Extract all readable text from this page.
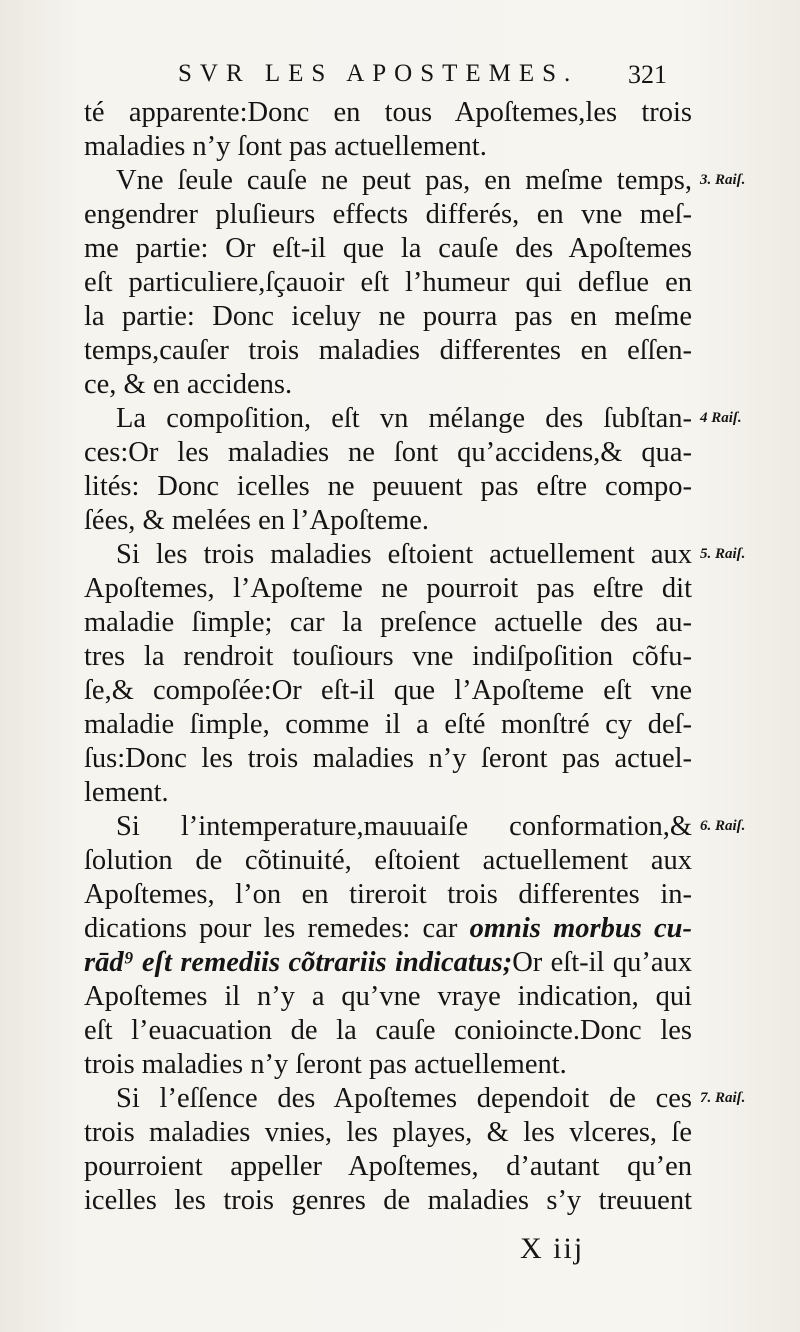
SVR LES APOSTEMES. 321
té apparente:Donc en tous Apoſtemes,les trois
maladies n’y ſont pas actuellement.
Vne ſeule cauſe ne peut pas, en meſme temps,
engendrer pluſieurs effects differés, en vne meſ-
me partie: Or eſt-il que la cauſe des Apoſtemes
eſt particuliere,ſçauoir eſt l’humeur qui deflue en
la partie: Donc iceluy ne pourra pas en meſme
temps,cauſer trois maladies differentes en eſſen-
ce, & en accidens.
La compoſition, eſt vn mélange des ſubſtan-
ces:Or les maladies ne ſont qu’accidens,& qua-
lités: Donc icelles ne peuuent pas eſtre compo-
ſées, & melées en l’Apoſteme.
Si les trois maladies eſtoient actuellement aux
Apoſtemes, l’Apoſteme ne pourroit pas eſtre dit
maladie ſimple; car la preſence actuelle des au-
tres la rendroit touſiours vne indiſpoſition cõfu-
ſe,& compoſée:Or eſt-il que l’Apoſteme eſt vne
maladie ſimple, comme il a eſté monſtré cy deſ-
ſus:Donc les trois maladies n’y ſeront pas actuel-
lement.
Si l’intemperature,mauuaiſe conformation,&
ſolution de cõtinuité, eſtoient actuellement aux
Apoſtemes, l’on en tireroit trois differentes in-
dications pour les remedes: car omnis morbus cu-
rād⁹ eſt remediis cõtrariis indicatus;Or eſt-il qu’aux
Apoſtemes il n’y a qu’vne vraye indication, qui
eſt l’euacuation de la cauſe conioincte.Donc les
trois maladies n’y ſeront pas actuellement.
Si l’eſſence des Apoſtemes dependoit de ces
trois maladies vnies, les playes, & les vlceres, ſe
pourroient appeller Apoſtemes, d’autant qu’en
icelles les trois genres de maladies s’y treuuent
3. Raiſ.
4 Raiſ.
5. Raiſ.
6. Raiſ.
7. Raiſ.
X iij
